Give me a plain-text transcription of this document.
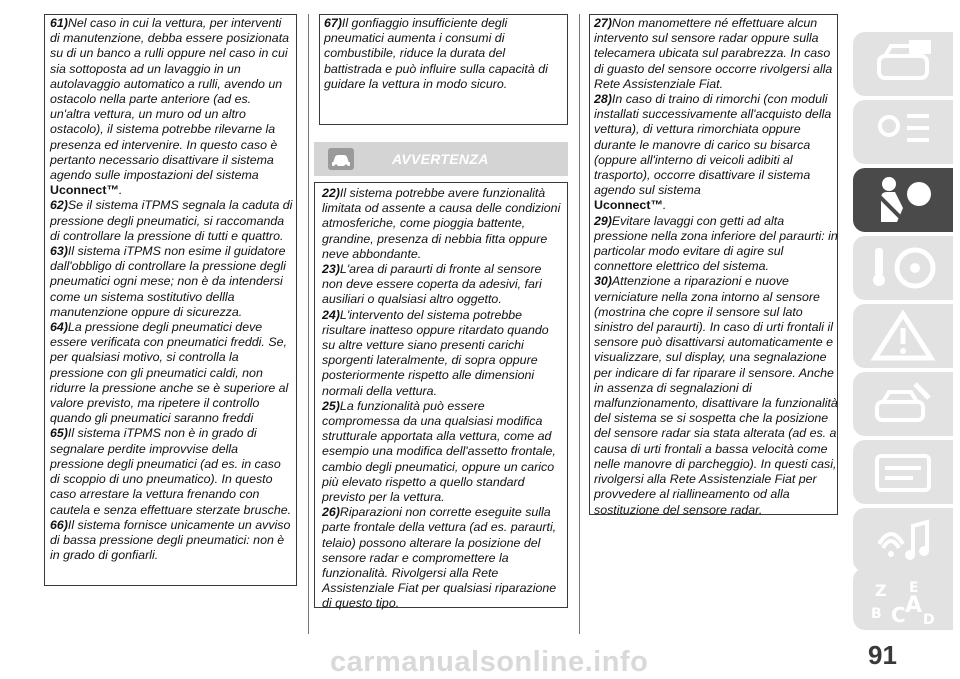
61)Nel caso in cui la vettura, per interventi di manutenzione, debba essere posizionata su di un banco a rulli oppure nel caso in cui sia sottoposta ad un lavaggio in un autolavaggio automatico a rulli, avendo un ostacolo nella parte anteriore (ad es. un'altra vettura, un muro od un altro ostacolo), il sistema potrebbe rilevarne la presenza ed intervenire. In questo caso è pertanto necessario disattivare il sistema agendo sulle impostazioni del sistema
Uconnect™.

62)Se il sistema iTPMS segnala la caduta di pressione degli pneumatici, si raccomanda di controllare la pressione di tutti e quattro.

63)Il sistema iTPMS non esime il guidatore dall'obbligo di controllare la pressione degli pneumatici ogni mese; non è da intendersi come un sistema sostitutivo dellla manutenzione oppure di sicurezza.

64)La pressione degli pneumatici deve essere verificata con pneumatici freddi. Se, per qualsiasi motivo, si controlla la pressione con gli pneumatici caldi, non ridurre la pressione anche se è superiore al valore previsto, ma ripetere il controllo quando gli pneumatici saranno freddi

65)Il sistema iTPMS non è in grado di segnalare perdite improvvise della pressione degli pneumatici (ad es. in caso di scoppio di uno pneumatico). In questo caso arrestare la vettura frenando con cautela e senza effettuare sterzate brusche.

66)Il sistema fornisce unicamente un avviso di bassa pressione degli pneumatici: non è in grado di gonfiarli.

67)Il gonfiaggio insufficiente degli pneumatici aumenta i consumi di combustibile, riduce la durata del battistrada e può influire sulla capacità di guidare la vettura in modo sicuro.

AVVERTENZA

22)Il sistema potrebbe avere funzionalità limitata od assente a causa delle condizioni atmosferiche, come pioggia battente, grandine, presenza di nebbia fitta oppure neve abbondante.

23)L'area di paraurti di fronte al sensore non deve essere coperta da adesivi, fari ausiliari o qualsiasi altro oggetto.

24)L'intervento del sistema potrebbe risultare inatteso oppure ritardato quando su altre vetture siano presenti carichi sporgenti lateralmente, di sopra oppure posteriormente rispetto alle dimensioni normali della vettura.

25)La funzionalità può essere compromessa da una qualsiasi modifica strutturale apportata alla vettura, come ad esempio una modifica dell'assetto frontale, cambio degli pneumatici, oppure un carico più elevato rispetto a quello standard previsto per la vettura.

26)Riparazioni non corrette eseguite sulla parte frontale della vettura (ad es. paraurti, telaio) possono alterare la posizione del sensore radar e compromettere la funzionalità. Rivolgersi alla Rete Assistenziale Fiat per qualsiasi riparazione di questo tipo.

27)Non manomettere né effettuare alcun intervento sul sensore radar oppure sulla telecamera ubicata sul parabrezza. In caso di guasto del sensore occorre rivolgersi alla Rete Assistenziale Fiat.

28)In caso di traino di rimorchi (con moduli installati successivamente all'acquisto della vettura), di vettura rimorchiata oppure durante le manovre di carico su bisarca (oppure all'interno di veicoli adibiti al trasporto), occorre disattivare il sistema agendo sul sistema
Uconnect™.

29)Evitare lavaggi con getti ad alta pressione nella zona inferiore del paraurti: in particolar modo evitare di agire sul connettore elettrico del sistema.

30)Attenzione a riparazioni e nuove verniciature nella zona intorno al sensore (mostrina che copre il sensore sul lato sinistro del paraurti). In caso di urti frontali il sensore può disattivarsi automaticamente e visualizzare, sul display, una segnalazione per indicare di far riparare il sensore. Anche in assenza di segnalazioni di malfunzionamento, disattivare la funzionalità del sistema se si sospetta che la posizione del sensore radar sia stata alterata (ad es. a causa di urti frontali a bassa velocità come nelle manovre di parcheggio). In questi casi, rivolgersi alla Rete Assistenziale Fiat per provvedere al riallineamento od alla sostituzione del sensore radar.

Z E
B C A
D
91
carmanualsonline.info
